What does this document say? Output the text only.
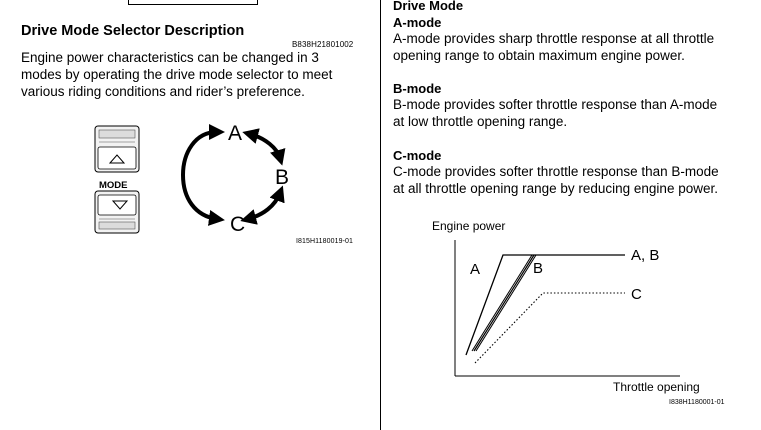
Drive Mode Selector Description
B838H21801002
Engine power characteristics can be changed in 3
modes by operating the drive mode selector to meet
various riding conditions and rider’s preference.
MODE
A
B
C
I815H1180019-01
Drive Mode
A-mode
A-mode provides sharp throttle response at all throttle
opening range to obtain maximum engine power.
B-mode
B-mode provides softer throttle response than A-mode
at low throttle opening range.
C-mode
C-mode provides softer throttle response than B-mode
at all throttle opening range by reducing engine power.
Engine power
A	B
A, B
C
Throttle opening
I838H1180001-01
